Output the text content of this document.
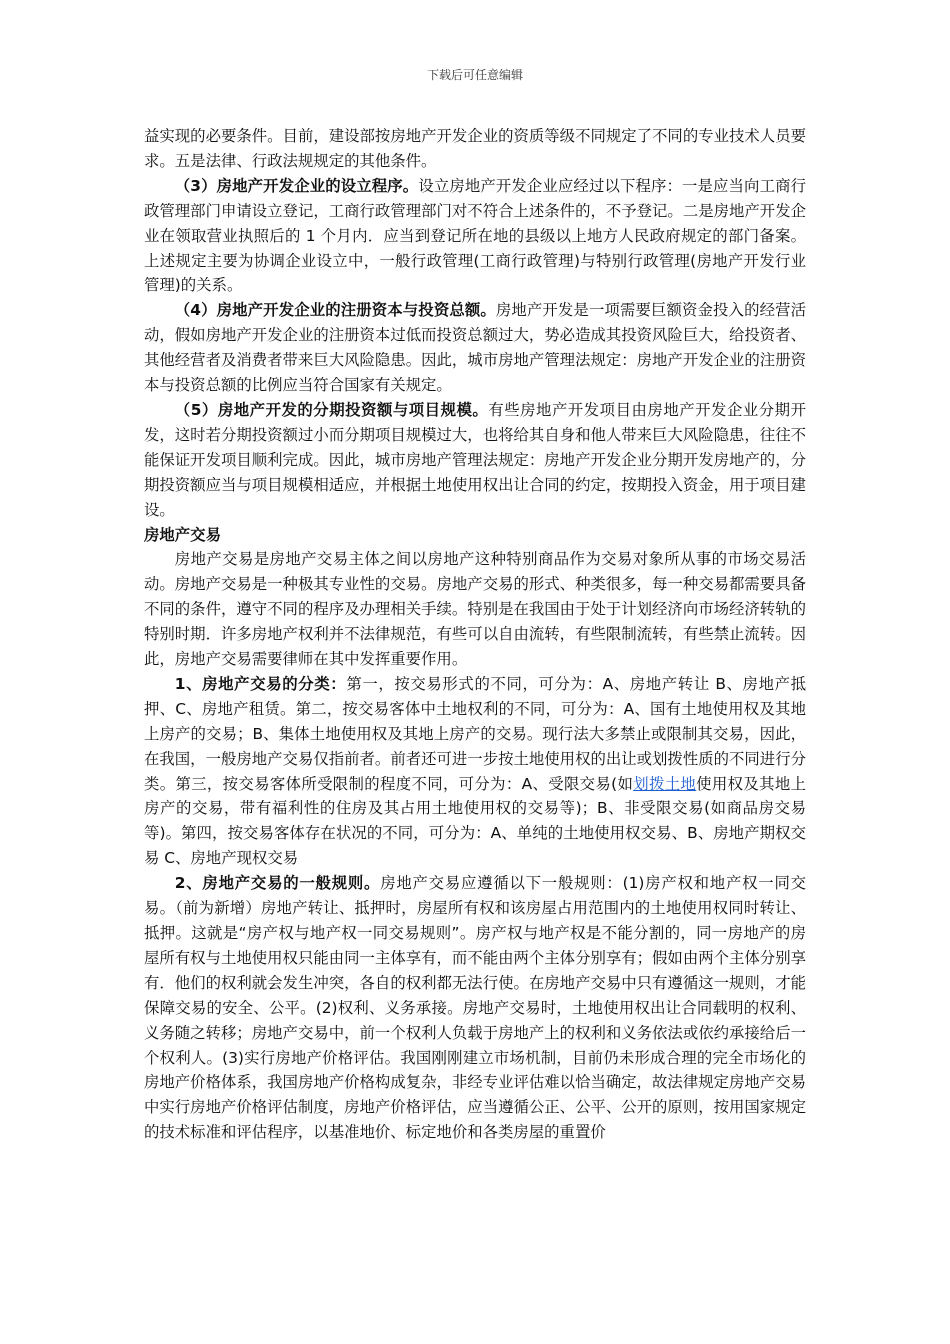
下载后可任意编辑

益实现的必要条件。目前，建设部按房地产开发企业的资质等级不同规定了不同的专业技术人员要求。五是法律、行政法规规定的其他条件。

（3）房地产开发企业的设立程序。设立房地产开发企业应经过以下程序：一是应当向工商行政管理部门申请设立登记，工商行政管理部门对不符合上述条件的，不予登记。二是房地产开发企业在领取营业执照后的 1 个月内．应当到登记所在地的县级以上地方人民政府规定的部门备案。上述规定主要为协调企业设立中，一般行政管理(工商行政管理)与特别行政管理(房地产开发行业管理)的关系。

（4）房地产开发企业的注册资本与投资总额。房地产开发是一项需要巨额资金投入的经营活动，假如房地产开发企业的注册资本过低而投资总额过大，势必造成其投资风险巨大，给投资者、其他经营者及消费者带来巨大风险隐患。因此，城市房地产管理法规定：房地产开发企业的注册资本与投资总额的比例应当符合国家有关规定。

（5）房地产开发的分期投资额与项目规模。有些房地产开发项目由房地产开发企业分期开发，这时若分期投资额过小而分期项目规模过大，也将给其自身和他人带来巨大风险隐患，往往不能保证开发项目顺利完成。因此，城市房地产管理法规定：房地产开发企业分期开发房地产的，分期投资额应当与项目规模相适应，并根据土地使用权出让合同的约定，按期投入资金，用于项目建设。

房地产交易

房地产交易是房地产交易主体之间以房地产这种特别商品作为交易对象所从事的市场交易活动。房地产交易是一种极其专业性的交易。房地产交易的形式、种类很多，每一种交易都需要具备不同的条件，遵守不同的程序及办理相关手续。特别是在我国由于处于计划经济向市场经济转轨的特别时期．许多房地产权利并不法律规范，有些可以自由流转，有些限制流转，有些禁止流转。因此，房地产交易需要律师在其中发挥重要作用。

1、房地产交易的分类：第一，按交易形式的不同，可分为：A、房地产转让 B、房地产抵押、C、房地产租赁。第二，按交易客体中土地权利的不同，可分为：A、国有土地使用权及其地上房产的交易；B、集体土地使用权及其地上房产的交易。现行法大多禁止或限制其交易，因此，在我国，一般房地产交易仅指前者。前者还可进一步按土地使用权的出让或划拨性质的不同进行分类。第三，按交易客体所受限制的程度不同，可分为：A、受限交易(如划拨土地使用权及其地上房产的交易，带有福利性的住房及其占用土地使用权的交易等)；B、非受限交易(如商品房交易等)。第四，按交易客体存在状况的不同，可分为：A、单纯的土地使用权交易、B、房地产期权交易 C、房地产现权交易

2、房地产交易的一般规则。房地产交易应遵循以下一般规则：(1)房产权和地产权一同交易。（前为新增）房地产转让、抵押时，房屋所有权和该房屋占用范围内的土地使用权同时转让、抵押。这就是“房产权与地产权一同交易规则”。房产权与地产权是不能分割的，同一房地产的房屋所有权与土地使用权只能由同一主体享有，而不能由两个主体分别享有；假如由两个主体分别享有．他们的权利就会发生冲突，各自的权利都无法行使。在房地产交易中只有遵循这一规则，才能保障交易的安全、公平。(2)权利、义务承接。房地产交易时，土地使用权出让合同载明的权利、义务随之转移；房地产交易中，前一个权利人负载于房地产上的权利和义务依法或依约承接给后一个权利人。(3)实行房地产价格评估。我国刚刚建立市场机制，目前仍未形成合理的完全市场化的房地产价格体系，我国房地产价格构成复杂，非经专业评估难以恰当确定，故法律规定房地产交易中实行房地产价格评估制度，房地产价格评估，应当遵循公正、公平、公开的原则，按用国家规定的技术标准和评估程序，以基准地价、标定地价和各类房屋的重置价
